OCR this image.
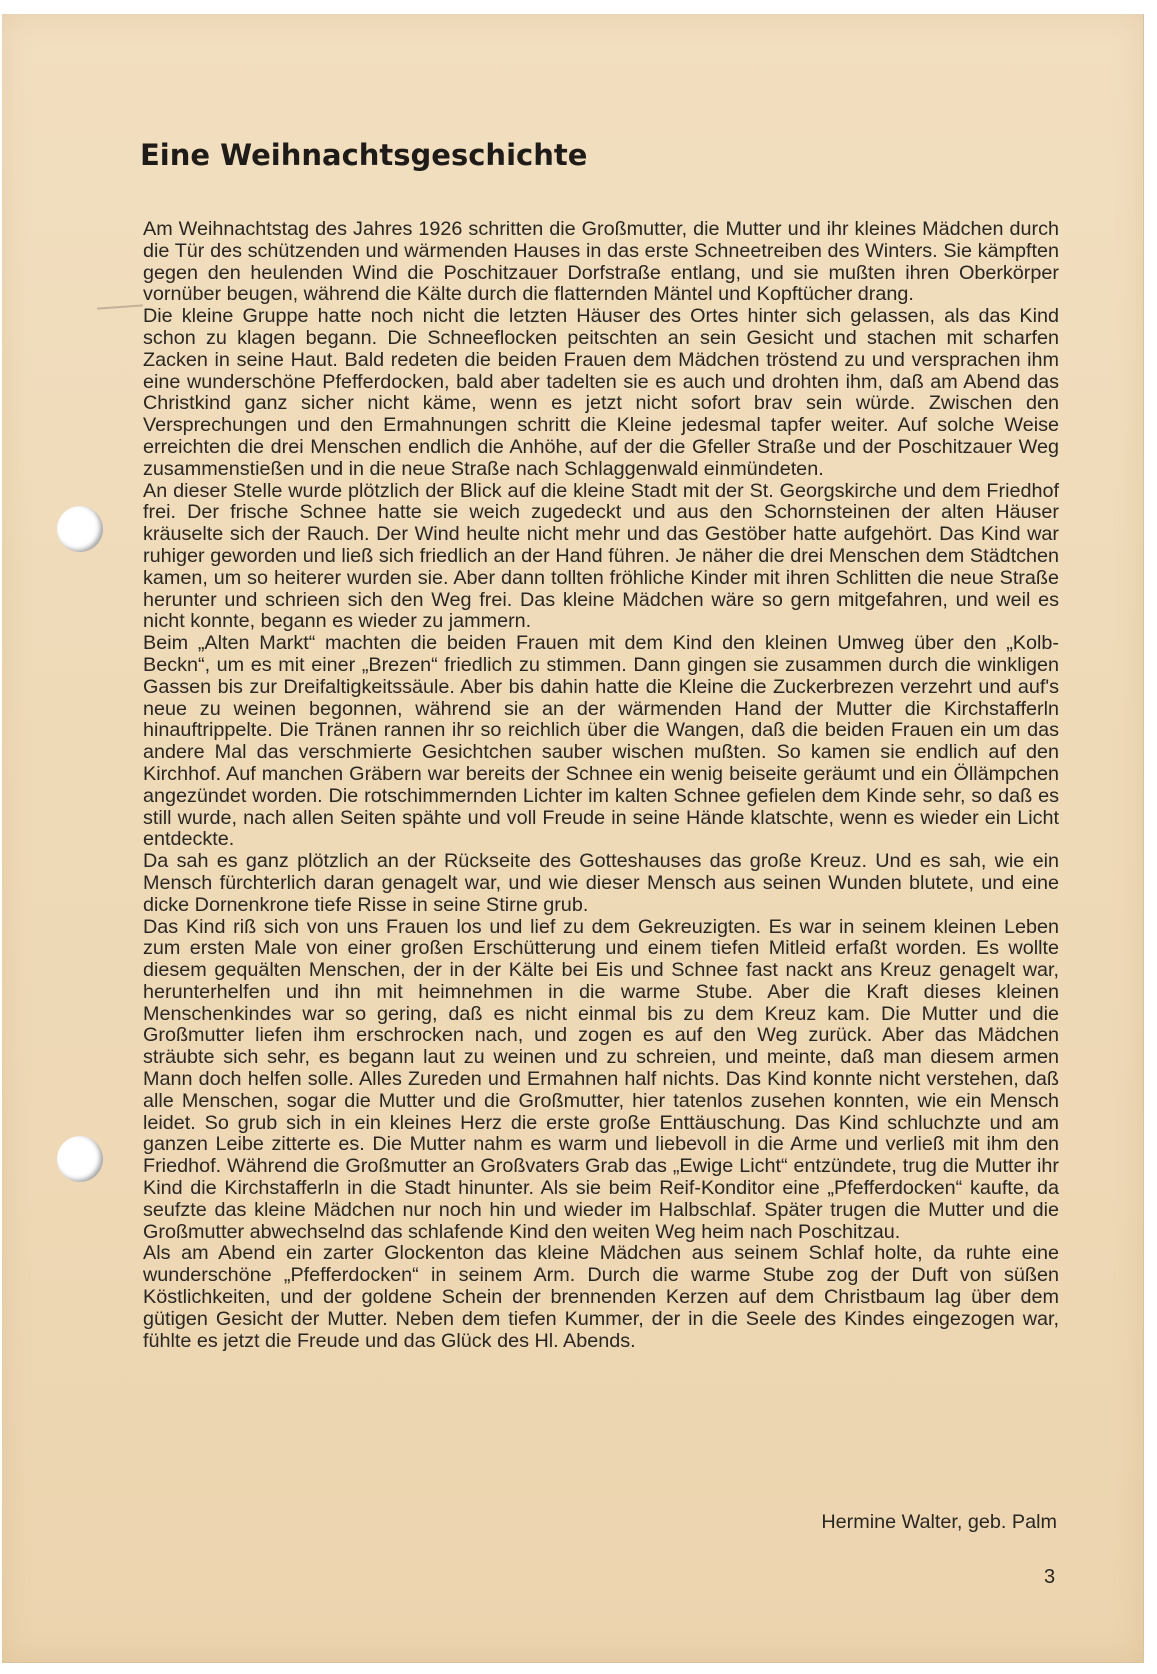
Eine Weihnachtsgeschichte

Am Weihnachtstag des Jahres 1926 schritten die Großmutter, die Mutter und ihr kleines Mädchen durch die Tür des schützenden und wärmenden Hauses in das erste Schneetreiben des Winters. Sie kämpften gegen den heulenden Wind die Poschitzauer Dorfstraße entlang, und sie mußten ihren Oberkörper vornüber beugen, während die Kälte durch die flatternden Mäntel und Kopftücher drang.

Die kleine Gruppe hatte noch nicht die letzten Häuser des Ortes hinter sich gelassen, als das Kind schon zu klagen begann. Die Schneeflocken peitschten an sein Gesicht und stachen mit scharfen Zacken in seine Haut. Bald redeten die beiden Frauen dem Mädchen tröstend zu und versprachen ihm eine wunderschöne Pfefferdocken, bald aber tadelten sie es auch und drohten ihm, daß am Abend das Christkind ganz sicher nicht käme, wenn es jetzt nicht sofort brav sein würde. Zwischen den Versprechungen und den Ermahnungen schritt die Kleine jedesmal tapfer weiter. Auf solche Weise erreichten die drei Menschen endlich die Anhöhe, auf der die Gfeller Straße und der Poschitzauer Weg zusammenstießen und in die neue Straße nach Schlaggenwald einmündeten.

An dieser Stelle wurde plötzlich der Blick auf die kleine Stadt mit der St. Georgskirche und dem Friedhof frei. Der frische Schnee hatte sie weich zugedeckt und aus den Schornsteinen der alten Häuser kräuselte sich der Rauch. Der Wind heulte nicht mehr und das Gestöber hatte aufgehört. Das Kind war ruhiger geworden und ließ sich friedlich an der Hand führen. Je näher die drei Menschen dem Städtchen kamen, um so heiterer wurden sie. Aber dann tollten fröhliche Kinder mit ihren Schlitten die neue Straße herunter und schrieen sich den Weg frei. Das kleine Mädchen wäre so gern mitgefahren, und weil es nicht konnte, begann es wieder zu jammern.

Beim „Alten Markt“ machten die beiden Frauen mit dem Kind den kleinen Umweg über den „Kolb-Beckn“, um es mit einer „Brezen“ friedlich zu stimmen. Dann gingen sie zusammen durch die winkligen Gassen bis zur Dreifaltigkeitssäule. Aber bis dahin hatte die Kleine die Zuckerbrezen verzehrt und auf's neue zu weinen begonnen, während sie an der wärmenden Hand der Mutter die Kirchstafferln hinauftrippelte. Die Tränen rannen ihr so reichlich über die Wangen, daß die beiden Frauen ein um das andere Mal das verschmierte Gesichtchen sauber wischen mußten. So kamen sie endlich auf den Kirchhof. Auf manchen Gräbern war bereits der Schnee ein wenig beiseite geräumt und ein Öllämpchen angezündet worden. Die rotschimmernden Lichter im kalten Schnee gefielen dem Kinde sehr, so daß es still wurde, nach allen Seiten spähte und voll Freude in seine Hände klatschte, wenn es wieder ein Licht entdeckte.

Da sah es ganz plötzlich an der Rückseite des Gotteshauses das große Kreuz. Und es sah, wie ein Mensch fürchterlich daran genagelt war, und wie dieser Mensch aus seinen Wunden blutete, und eine dicke Dornenkrone tiefe Risse in seine Stirne grub.

Das Kind riß sich von uns Frauen los und lief zu dem Gekreuzigten. Es war in seinem kleinen Leben zum ersten Male von einer großen Erschütterung und einem tiefen Mitleid erfaßt worden. Es wollte diesem gequälten Menschen, der in der Kälte bei Eis und Schnee fast nackt ans Kreuz genagelt war, herunterhelfen und ihn mit heimnehmen in die warme Stube. Aber die Kraft dieses kleinen Menschenkindes war so gering, daß es nicht einmal bis zu dem Kreuz kam. Die Mutter und die Großmutter liefen ihm erschrocken nach, und zogen es auf den Weg zurück. Aber das Mädchen sträubte sich sehr, es begann laut zu weinen und zu schreien, und meinte, daß man diesem armen Mann doch helfen solle. Alles Zureden und Ermahnen half nichts. Das Kind konnte nicht verstehen, daß alle Menschen, sogar die Mutter und die Großmutter, hier tatenlos zusehen konnten, wie ein Mensch leidet. So grub sich in ein kleines Herz die erste große Enttäuschung. Das Kind schluchzte und am ganzen Leibe zitterte es. Die Mutter nahm es warm und liebevoll in die Arme und verließ mit ihm den Friedhof. Während die Großmutter an Großvaters Grab das „Ewige Licht“ entzündete, trug die Mutter ihr Kind die Kirchstafferln in die Stadt hinunter. Als sie beim Reif-Konditor eine „Pfefferdocken“ kaufte, da seufzte das kleine Mädchen nur noch hin und wieder im Halbschlaf. Später trugen die Mutter und die Großmutter abwechselnd das schlafende Kind den weiten Weg heim nach Poschitzau.

Als am Abend ein zarter Glockenton das kleine Mädchen aus seinem Schlaf holte, da ruhte eine wunderschöne „Pfefferdocken“ in seinem Arm. Durch die warme Stube zog der Duft von süßen Köstlichkeiten, und der goldene Schein der brennenden Kerzen auf dem Christbaum lag über dem gütigen Gesicht der Mutter. Neben dem tiefen Kummer, der in die Seele des Kindes eingezogen war, fühlte es jetzt die Freude und das Glück des Hl. Abends.

Hermine Walter, geb. Palm
3
